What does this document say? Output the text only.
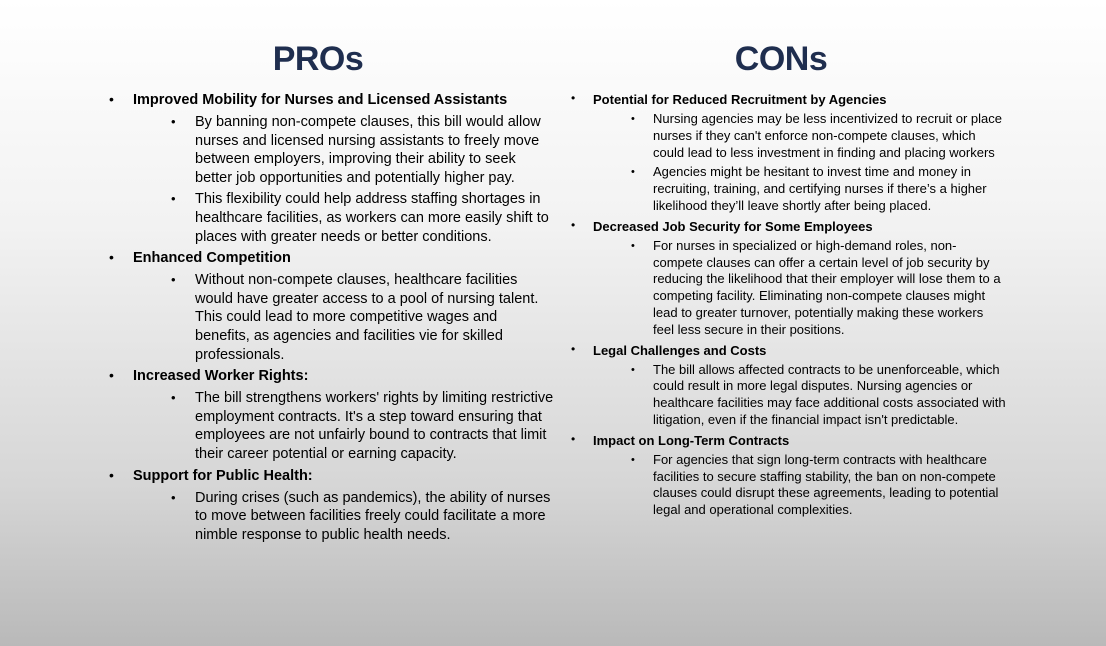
PROs
• Improved Mobility for Nurses and Licensed Assistants
• By banning non-compete clauses, this bill would allow nurses and licensed nursing assistants to freely move between employers, improving their ability to seek better job opportunities and potentially higher pay.
• This flexibility could help address staffing shortages in healthcare facilities, as workers can more easily shift to places with greater needs or better conditions.
• Enhanced Competition
• Without non-compete clauses, healthcare facilities would have greater access to a pool of nursing talent. This could lead to more competitive wages and benefits, as agencies and facilities vie for skilled professionals.
• Increased Worker Rights:
• The bill strengthens workers' rights by limiting restrictive employment contracts. It's a step toward ensuring that employees are not unfairly bound to contracts that limit their career potential or earning capacity.
• Support for Public Health:
• During crises (such as pandemics), the ability of nurses to move between facilities freely could facilitate a more nimble response to public health needs.
CONs
• Potential for Reduced Recruitment by Agencies
• Nursing agencies may be less incentivized to recruit or place nurses if they can't enforce non-compete clauses, which could lead to less investment in finding and placing workers
• Agencies might be hesitant to invest time and money in recruiting, training, and certifying nurses if there’s a higher likelihood they’ll leave shortly after being placed.
• Decreased Job Security for Some Employees
• For nurses in specialized or high-demand roles, non-compete clauses can offer a certain level of job security by reducing the likelihood that their employer will lose them to a competing facility. Eliminating non-compete clauses might lead to greater turnover, potentially making these workers feel less secure in their positions.
• Legal Challenges and Costs
• The bill allows affected contracts to be unenforceable, which could result in more legal disputes. Nursing agencies or healthcare facilities may face additional costs associated with litigation, even if the financial impact isn't predictable.
• Impact on Long-Term Contracts
• For agencies that sign long-term contracts with healthcare facilities to secure staffing stability, the ban on non-compete clauses could disrupt these agreements, leading to potential legal and operational complexities.
